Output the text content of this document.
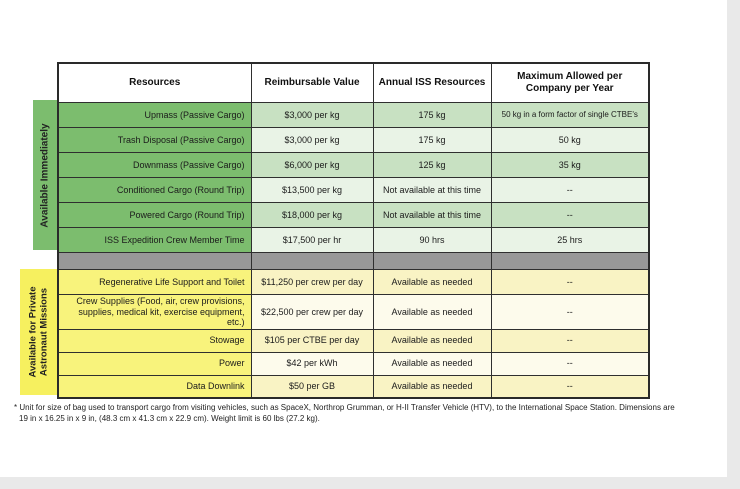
Available Immediately
Available for Private Astronaut Missions
Resources	Reimbursable Value	Annual ISS Resources	Maximum Allowed per Company per Year
Upmass (Passive Cargo)	$3,000 per kg	175 kg	50 kg in a form factor of single CTBE's
Trash Disposal (Passive Cargo)	$3,000 per kg	175 kg	50 kg
Downmass (Passive Cargo)	$6,000 per kg	125 kg	35 kg
Conditioned Cargo (Round Trip)	$13,500 per kg	Not available at this time	--
Powered Cargo (Round Trip)	$18,000 per kg	Not available at this time	--
ISS Expedition Crew Member Time	$17,500 per hr	90 hrs	25 hrs

Regenerative Life Support and Toilet	$11,250 per crew per day	Available as needed	--
Crew Supplies (Food, air, crew provisions, supplies, medical kit, exercise equipment, etc.)	$22,500 per crew per day	Available as needed	--
Stowage	$105 per CTBE per day	Available as needed	--
Power	$42 per kWh	Available as needed	--
Data Downlink	$50 per GB	Available as needed	--
* Unit for size of bag used to transport cargo from visiting vehicles, such as SpaceX, Northrop Grumman, or H-II Transfer Vehicle (HTV), to the International Space Station. Dimensions are
19 in x 16.25 in x 9 in, (48.3 cm x 41.3 cm x 22.9 cm). Weight limit is 60 lbs (27.2 kg).
